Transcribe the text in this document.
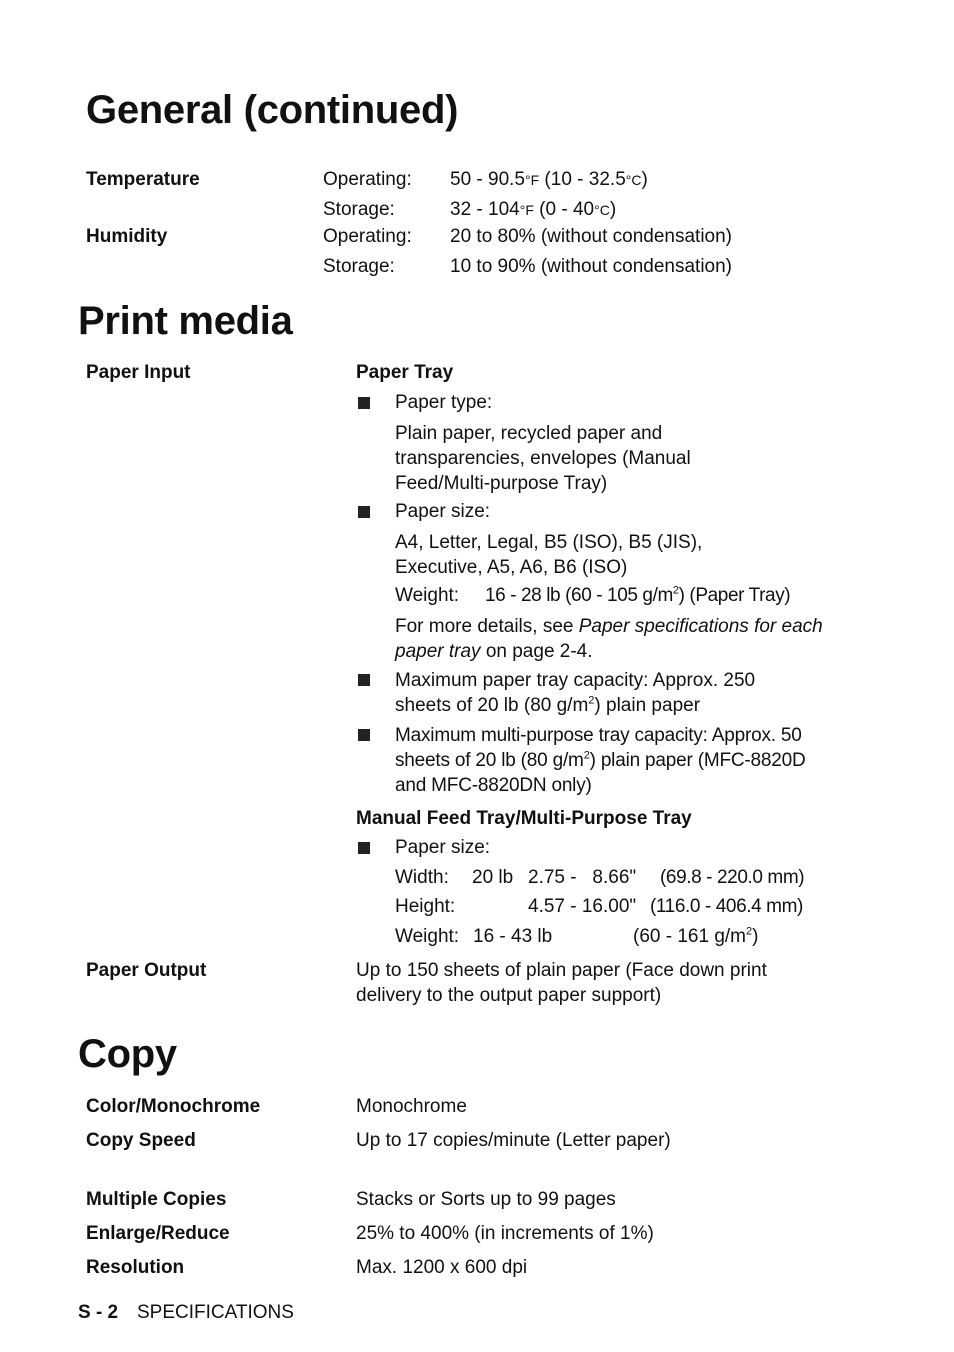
General (continued)
Temperature	Operating: 50 - 90.5°F (10 - 32.5°C)
Storage:	32 - 104°F (0 - 40°C)
Humidity	Operating: 20 to 80% (without condensation)
Storage:	10 to 90% (without condensation)
Print media
Paper Input	Paper Tray
Paper type:
Plain paper, recycled paper and transparencies, envelopes (Manual Feed/Multi-purpose Tray)
Paper size:
A4, Letter, Legal, B5 (ISO), B5 (JIS), Executive, A5, A6, B6 (ISO)
Weight: 16 - 28 lb (60 - 105 $g/m^2$) (Paper Tray)
For more details, see Paper specifications for each paper tray on page 2-4.
Maximum paper tray capacity: Approx. 250 sheets of 20 lb (80 $g/m^2$) plain paper
Maximum multi-purpose tray capacity: Approx. 50 sheets of 20 lb (80 $g/m^2$) plain paper (MFC-8820D and MFC-8820DN only)
Manual Feed Tray/Multi-Purpose Tray
Paper size:
Width: 20 lb 2.75 -   8.66" (69.8 - 220.0 mm)
Height:	4.57 - 16.00" (116.0 - 406.4 mm)
Weight: 16 - 43 lb	(60 - 161 $g/m^2$)
Paper Output	Up to 150 sheets of plain paper (Face down print delivery to the output paper support)
Copy
Color/Monochrome	Monochrome
Copy Speed	Up to 17 copies/minute (Letter paper)
Multiple Copies	Stacks or Sorts up to 99 pages
Enlarge/Reduce	25% to 400% (in increments of 1%)
Resolution	Max. 1200 x 600 dpi
S - 2 SPECIFICATIONS
